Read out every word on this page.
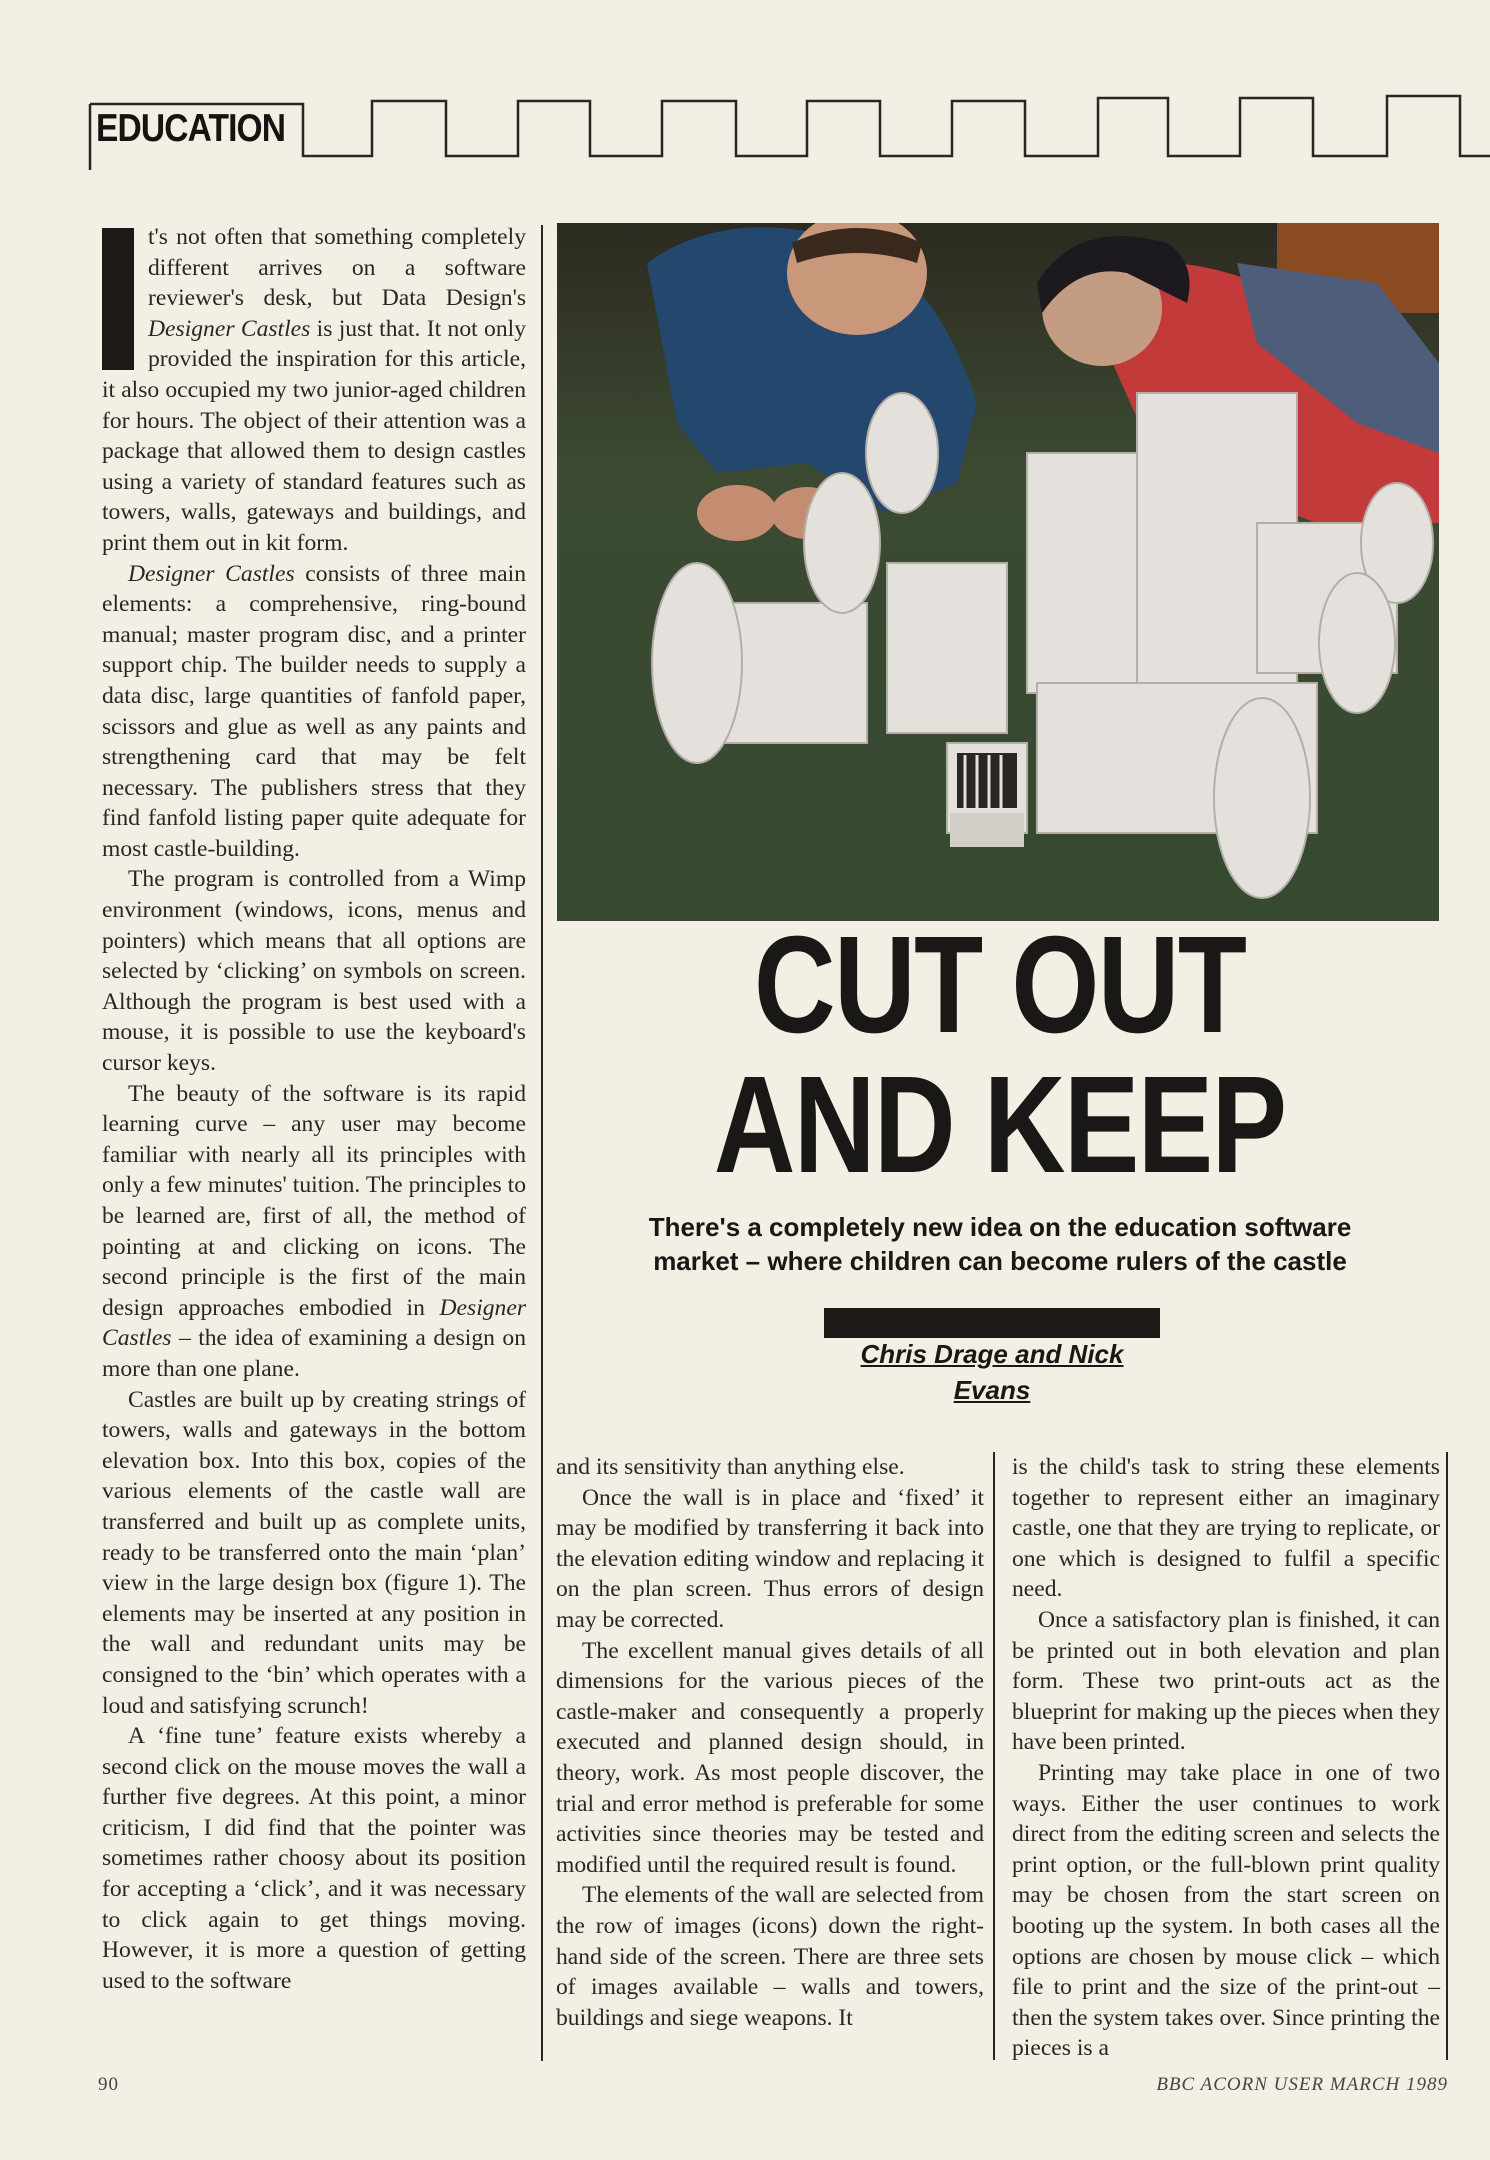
EDUCATION

t's not often that something completely different arrives on a software reviewer's desk, but Data Design's Designer Castles is just that. It not only provided the inspiration for this article, it also occupied my two junior-aged children for hours. The object of their attention was a package that allowed them to design castles using a variety of standard features such as towers, walls, gateways and buildings, and print them out in kit form.

Designer Castles consists of three main elements: a comprehensive, ring-bound manual; master program disc, and a printer support chip. The builder needs to supply a data disc, large quantities of fanfold paper, scissors and glue as well as any paints and strengthening card that may be felt necessary. The publishers stress that they find fanfold listing paper quite adequate for most castle-building.

The program is controlled from a Wimp environment (windows, icons, menus and pointers) which means that all options are selected by ‘clicking’ on symbols on screen. Although the program is best used with a mouse, it is possible to use the keyboard's cursor keys.

The beauty of the software is its rapid learning curve – any user may become familiar with nearly all its principles with only a few minutes' tuition. The principles to be learned are, first of all, the method of pointing at and clicking on icons. The second principle is the first of the main design approaches embodied in Designer Castles – the idea of examining a design on more than one plane.

Castles are built up by creating strings of towers, walls and gateways in the bottom elevation box. Into this box, copies of the various elements of the castle wall are transferred and built up as complete units, ready to be transferred onto the main ‘plan’ view in the large design box (figure 1). The elements may be inserted at any position in the wall and redundant units may be consigned to the ‘bin’ which operates with a loud and satisfying scrunch!

A ‘fine tune’ feature exists whereby a second click on the mouse moves the wall a further five degrees. At this point, a minor criticism, I did find that the pointer was sometimes rather choosy about its position for accepting a ‘click’, and it was necessary to click again to get things moving. However, it is more a question of getting used to the software

CUT OUT
AND KEEP
There's a completely new idea on the education software
market – where children can become rulers of the castle
Chris Drage and Nick Evans

and its sensitivity than anything else.

Once the wall is in place and ‘fixed’ it may be modified by transferring it back into the elevation editing window and replacing it on the plan screen. Thus errors of design may be corrected.

The excellent manual gives details of all dimensions for the various pieces of the castle-maker and consequently a properly executed and planned design should, in theory, work. As most people discover, the trial and error method is preferable for some activities since theories may be tested and modified until the required result is found.

The elements of the wall are selected from the row of images (icons) down the right-hand side of the screen. There are three sets of images available – walls and towers, buildings and siege weapons. It

is the child's task to string these elements together to represent either an imaginary castle, one that they are trying to replicate, or one which is designed to fulfil a specific need.

Once a satisfactory plan is finished, it can be printed out in both elevation and plan form. These two print-outs act as the blueprint for making up the pieces when they have been printed.

Printing may take place in one of two ways. Either the user continues to work direct from the editing screen and selects the print option, or the full-blown print quality may be chosen from the start screen on booting up the system. In both cases all the options are chosen by mouse click – which file to print and the size of the print-out – then the system takes over. Since printing the pieces is a

90	BBC ACORN USER MARCH 1989
